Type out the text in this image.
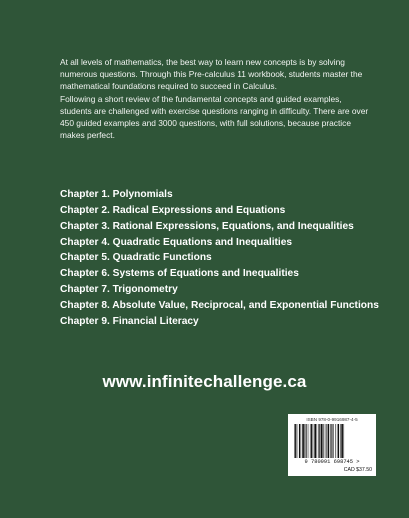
At all levels of mathematics, the best way to learn new concepts is by solving numerous questions. Through this Pre-calculus 11 workbook, students master the mathematical foundations required to succeed in Calculus.

Following a short review of the fundamental concepts and guided examples, students are challenged with exercise questions ranging in difficulty. There are over 450 guided examples and 3000 questions, with full solutions, because practice makes perfect.

Chapter 1. Polynomials
Chapter 2. Radical Expressions and Equations
Chapter 3. Rational Expressions, Equations, and Inequalities
Chapter 4. Quadratic Equations and Inequalities
Chapter 5. Quadratic Functions
Chapter 6. Systems of Equations and Inequalities
Chapter 7. Trigonometry
Chapter 8. Absolute Value, Reciprocal, and Exponential Functions
Chapter 9. Financial Literacy
www.infinitechallenge.ca
ISBN 978-0-9916987-4-5
9 780991 698745 >
CAD $37.50
